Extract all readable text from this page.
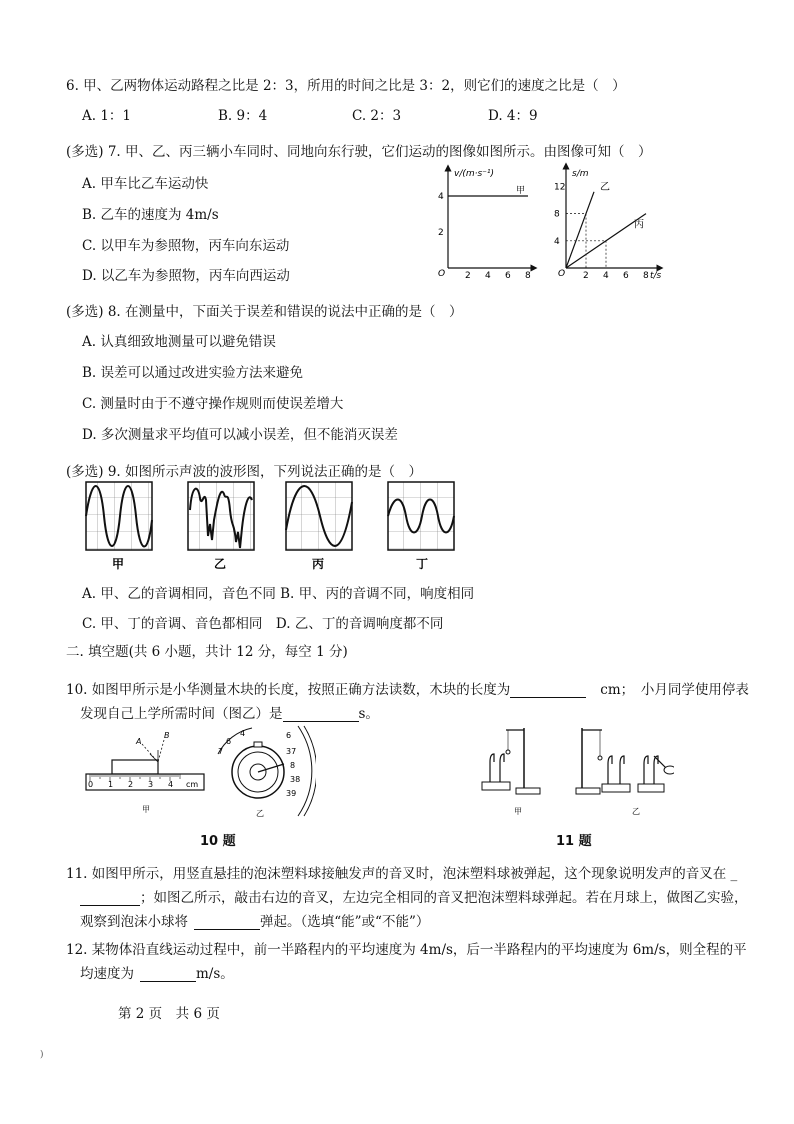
6. 甲、乙两物体运动路程之比是 2：3，所用的时间之比是 3：2，则它们的速度之比是（　）
A. 1：1	B. 9：4	C. 2：3	D. 4：9
(多选) 7. 甲、乙、丙三辆小车同时、同地向东行驶，它们运动的图像如图所示。由图像可知（　）
A. 甲车比乙车运动快
B. 乙车的速度为 4m/s
C. 以甲车为参照物，丙车向东运动
D. 以乙车为参照物，丙车向西运动
v/(m·s⁻¹)
O 2 4 6 8
2
4
甲
s/m
t/s
O 2 4 6 8
4
8
12	乙
丙
(多选) 8. 在测量中，下面关于误差和错误的说法中正确的是（　）
A. 认真细致地测量可以避免错误
B. 误差可以通过改进实验方法来避免
C. 测量时由于不遵守操作规则而使误差增大
D. 多次测量求平均值可以减小误差，但不能消灭误差
(多选) 9. 如图所示声波的波形图，下列说法正确的是（　）
甲	乙	丙	丁
A. 甲、乙的音调相同，音色不同 B. 甲、丙的音调不同，响度相同
C. 甲、丁的音调、音色都相同　D. 乙、丁的音调响度都不同
二. 填空题(共 6 小题，共计 12 分，每空 1 分)
10. 如图甲所示是小华测量木块的长度，按照正确方法读数，木块的长度为	cm；　小月同学使用停表
发现自己上学所需时间（图乙）是	s。
A
B
0 1 2 3 4 cm
甲
7
6
4	6
37
8
38
39
乙
10 题
甲	乙
11 题
11. 如图甲所示，用竖直悬挂的泡沫塑料球接触发声的音叉时，泡沫塑料球被弹起，这个现象说明发声的音叉在 _
；如图乙所示，敲击右边的音叉，左边完全相同的音叉把泡沫塑料球弹起。若在月球上，做图乙实验，
观察到泡沫小球将	弹起。（选填“能”或“不能”）
12. 某物体沿直线运动过程中，前一半路程内的平均速度为 4m/s，后一半路程内的平均速度为 6m/s，则全程的平
均速度为	m/s。
第 2 页　共 6 页
)
